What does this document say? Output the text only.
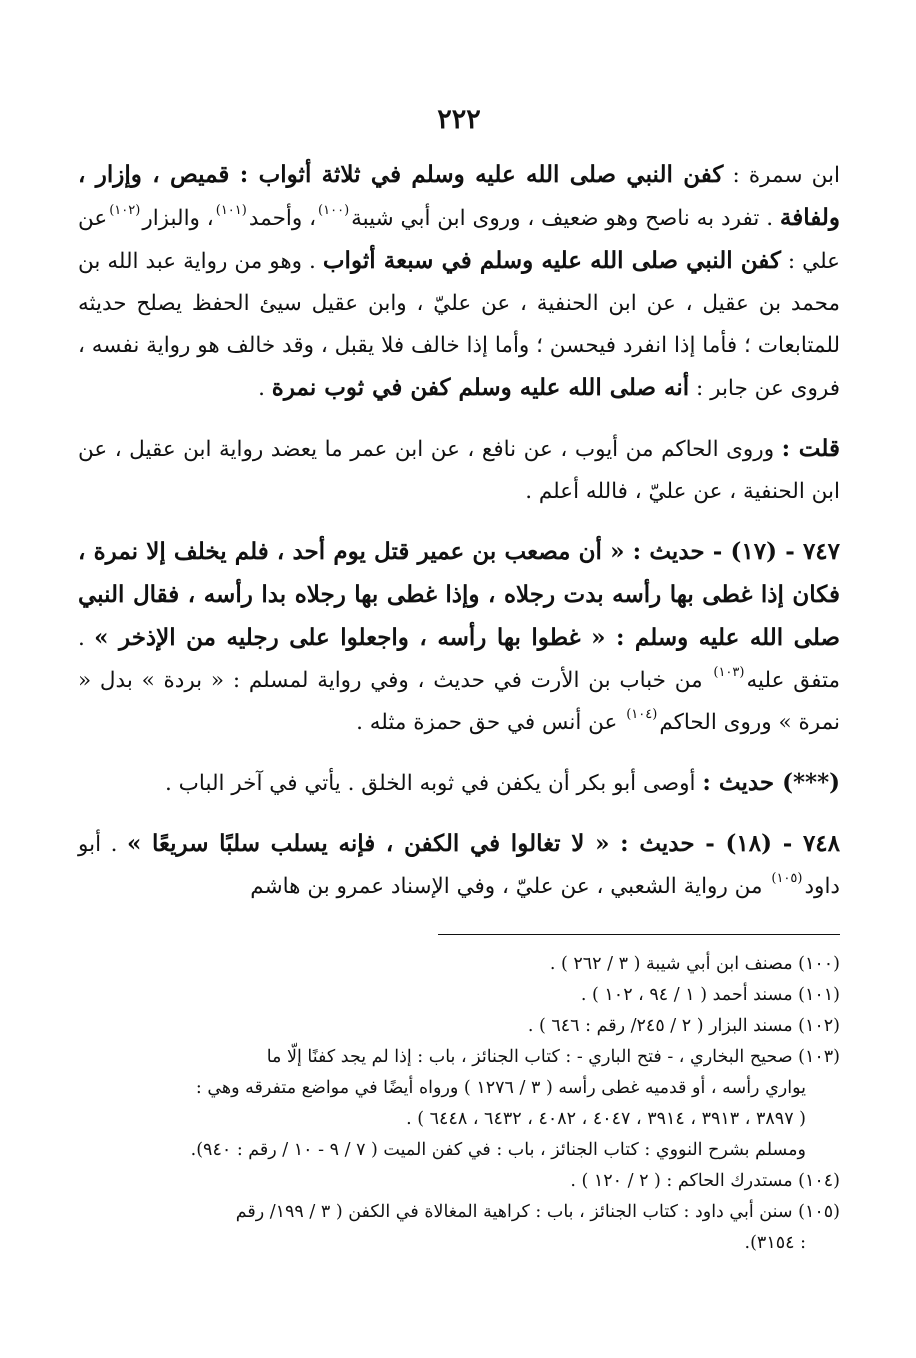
٢٢٢

ابن سمرة : كفن النبي صلى الله عليه وسلم في ثلاثة أثواب : قميص ، وإزار ، ولفافة . تفرد به ناصح وهو ضعيف ، وروى ابن أبي شيبة$^{(١٠٠)}$، وأحمد$^{(١٠١)}$، والبزار$^{(١٠٢)}$عن علي : كفن النبي صلى الله عليه وسلم في سبعة أثواب . وهو من رواية عبد الله بن محمد بن عقيل ، عن ابن الحنفية ، عن عليّ ، وابن عقيل سيئ الحفظ يصلح حديثه للمتابعات ؛ فأما إذا انفرد فيحسن ؛ وأما إذا خالف فلا يقبل ، وقد خالف هو رواية نفسه ، فروى عن جابر : أنه صلى الله عليه وسلم كفن في ثوب نمرة .

قلت : وروى الحاكم من أيوب ، عن نافع ، عن ابن عمر ما يعضد رواية ابن عقيل ، عن ابن الحنفية ، عن عليّ ، فالله أعلم .

٧٤٧ - (١٧) - حديث : « أن مصعب بن عمير قتل يوم أحد ، فلم يخلف إلا نمرة ، فكان إذا غطى بها رأسه بدت رجلاه ، وإذا غطى بها رجلاه بدا رأسه ، فقال النبي صلى الله عليه وسلم : « غطوا بها رأسه ، واجعلوا على رجليه من الإذخر » . متفق عليه$^{(١٠٣)}$ من خباب بن الأرت في حديث ، وفي رواية لمسلم : « بردة » بدل « نمرة » وروى الحاكم$^{(١٠٤)}$ عن أنس في حق حمزة مثله .

(***) حديث : أوصى أبو بكر أن يكفن في ثوبه الخلق . يأتي في آخر الباب .

٧٤٨ - (١٨) - حديث : « لا تغالوا في الكفن ، فإنه يسلب سلبًا سريعًا » . أبو داود$^{(١٠٥)}$ من رواية الشعبي ، عن عليّ ، وفي الإسناد عمرو بن هاشم

(١٠٠) مصنف ابن أبي شيبة ( ٣ / ٢٦٢ ) .

(١٠١) مسند أحمد ( ١ / ٩٤ ، ١٠٢ ) .

(١٠٢) مسند البزار ( ٢ / ٢٤٥/ رقم : ٦٤٦ ) .

(١٠٣) صحيح البخاري ، - فتح الباري - : كتاب الجنائز ، باب : إذا لم يجد كفنًا إلّا ما

يواري رأسه ، أو قدميه غطى رأسه ( ٣ / ١٢٧٦ ) ورواه أيضًا في مواضع متفرقه وهي :

( ٣٨٩٧ ، ٣٩١٣ ، ٣٩١٤ ، ٤٠٤٧ ، ٤٠٨٢ ، ٦٤٣٢ ، ٦٤٤٨ ) .

ومسلم بشرح النووي : كتاب الجنائز ، باب : في كفن الميت ( ٧ / ٩ - ١٠ / رقم : ٩٤٠).

(١٠٤) مستدرك الحاكم : ( ٢ / ١٢٠ ) .

(١٠٥) سنن أبي داود : كتاب الجنائز ، باب : كراهية المغالاة في الكفن ( ٣ / ١٩٩/ رقم

: ٣١٥٤).
